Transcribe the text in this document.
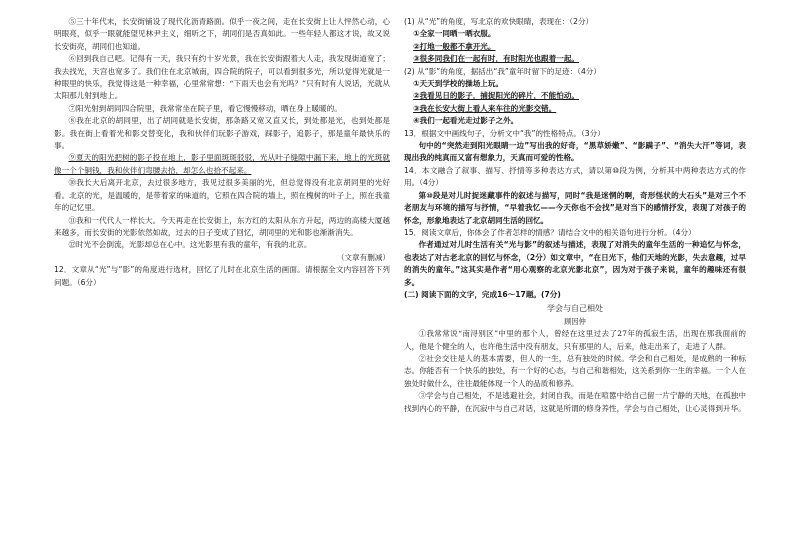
⑤三十年代末，长安街铺设了现代化沥青路面。似乎一夜之间，走在长安街上让人怦然心动，心明眼亮，似乎一眼就能望见林尹主义，细听之下，胡同们是否真如此。一些年轻人都这才说，故又说长安街亮，胡同们也知道。

⑥回到我自己吧。记得有一天，我只有约十岁光景，我在长安街跟着大人走，我发现街道宽了；我去找光，天宫也宽多了。我们住在北京城南，四合院的院子，可以看到很多光，所以觉得光就是一种眼里的快乐，我觉得这是一种幸福，心里常常想：“下雨天也会有光吗？”只有时有人说话，光就从太阳那儿射到地上。

⑦阳光射到胡同四合院里，我常常坐在院子里，看它慢慢移动，晒在身上暖暖的。

⑧我在北京的胡同里，出了胡同就是长安街，那条路又宽又直又长，到处都是光，也到处都是影。我在街上看着光和影交替变化，我和伙伴们玩影子游戏，踩影子，追影子，那是童年最快乐的事。

⑨夏天的阳光把树的影子投在地上，影子里面斑斑驳驳，光从叶子缝隙中漏下来，地上的光斑就像一个个铜钱，我和伙伴们弯腰去拾，却怎么也拾不起来。

⑩我长大后离开北京，去过很多地方，我见过很多美丽的光，但总觉得没有北京胡同里的光好看。北京的光，是温暖的，是带着家的味道的，它照在四合院的墙上，照在槐树的叶子上，照在我童年的记忆里。

⑪我和一代代人一样长大。今天再走在长安街上，东方红的太阳从东方升起，两边的高楼大厦越来越多，而长安街的光影依然如故，过去的日子变成了回忆，胡同里的光和影也渐渐消失。

⑫时光不会倒流，光影却总在心中。这光影里有我的童年，有我的北京。

（文章有删减）

12．文章从“光”与“影”的角度进行选材，回忆了儿时在北京生活的画面。请根据全文内容回答下列问题。（6分）

(1) 从“光”的角度，写北京的欢快眼睛，表现在：（2分）

①全家一同晒一晒衣服。

②打地一般都不拿开光。

③很多同我们在一起有时，有时阳光也跟着一起。

(2) 从“影”的角度，据括出“我”童年时留下的足迹：（4分）

①天天到学校的操场上玩。

②我看见日的影子，捕捉阳光的碎片，不能怕动。

③我在长安大街上看人来车往的光影交错。

④我们一起看光走过影子之外。

13．根据文中画线句子，分析文中“我”的性格特点。（3分）

句中的“突然走到阳光眼睛一边”写出我的好奇，“黑草娇嫩”、“影蹒子”、“消失大汗”等词，表现出我的纯真而又富有想象力，天真而可爱的性格。

14．本文融合了叙事、描写、抒情等多种表达方式，请以第⑩段为例，分析其中两种表达方式的作用。（4分）

第⑩段是对儿时捉迷藏事件的叙述与描写，同时“我是迷惘的啊，奇形怪状的大石头”是对三个不老朋友与环境的描写与抒情，“早着我忆——今天你也不会找”是对当下的感情抒发，表现了对孩子的怀念，形象地表达了北京胡同生活的回忆。

15．阅读文章后，你体会了作者怎样的情感？请结合文中的相关语句进行分析。（4分）

作者通过对儿时生活有关“光与影”的叙述与描述，表现了对消失的童年生活的一种追忆与怀念，也表达了对古老北京的回忆与怀念，（2分）如文章中，“在日光下，他们天地的光影，失去意趣，过早的消失的童年。”这其实是作者“用心观察的北京光影北京”，因为对于孩子来说，童年的趣味还有很多。

(二) 阅读下面的文字，完成16～17题。(7分)

学会与自己相处

顾因仲

①我常常说“南浔别区”中里的那个人，曾经在这里过去了27年的孤寂生活，出现在那我面前的人，他是个健全的人，也许他生活中没有朋友，只有那里的人，后来，他走出来了，走进了人群。

②社会交往是人的基本需要，但人的一生，总有独处的时候。学会和自己相处，是成熟的一种标志。你能否有一个快乐的独处，有一个好的心态，与自己和谐相处，这关系到你一生的幸福。一个人在独处时做什么，往往最能体现一个人的品质和修养。

③学会与自己相处，不是逃避社会，封闭自我，而是在喧嚣中给自己留一片宁静的天地，在孤独中找到内心的平静，在沉寂中与自己对话，这就是所谓的修身养性，学会与自己相处，让心灵得到升华。
